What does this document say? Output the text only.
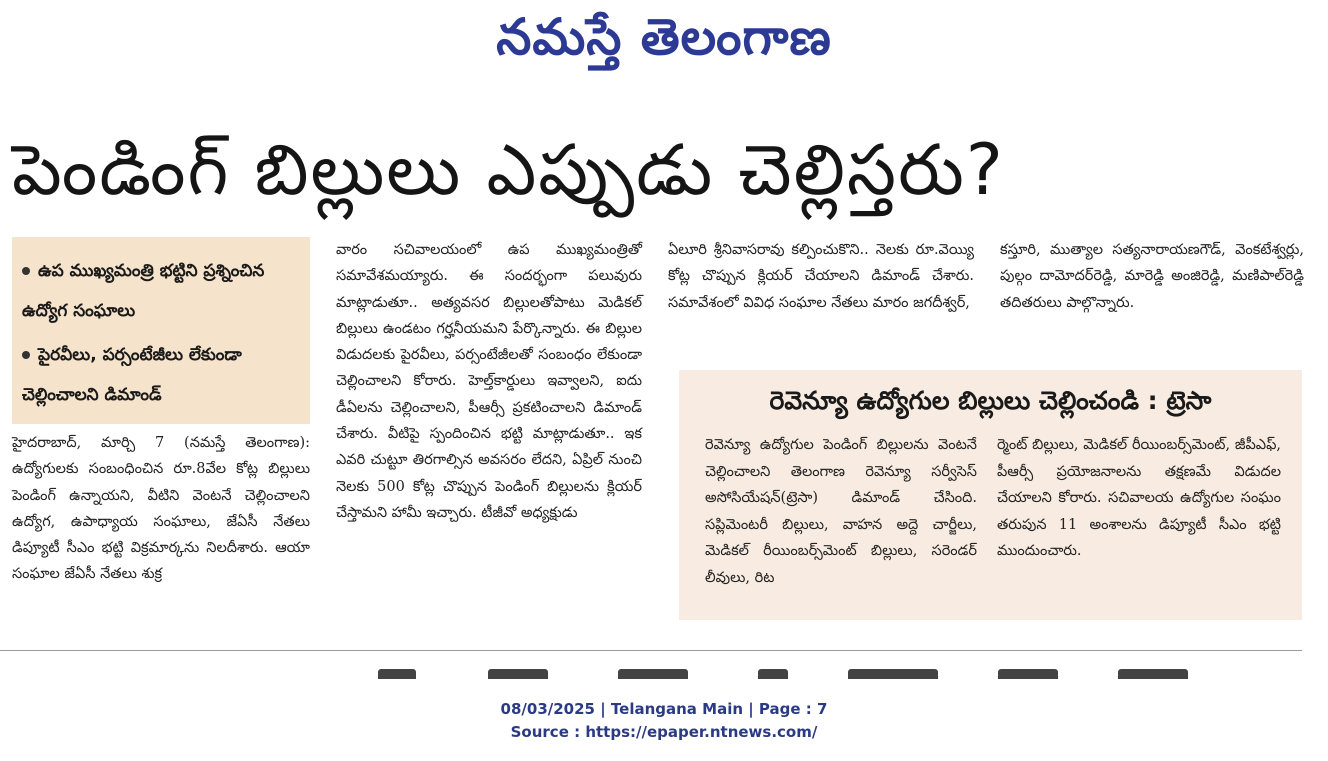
నమస్తే తెలంగాణ
పెండింగ్‌ బిల్లులు ఎప్పుడు చెల్లిస్తరు?
ఉప ముఖ్యమంత్రి భట్టిని ప్రశ్నించిన ఉద్యోగ సంఘాలు
పైరవీలు, పర్సంటేజీలు లేకుండా చెల్లించాలని డిమాండ్‌

హైదరాబాద్‌, మార్చి 7 (నమస్తే తెలంగాణ): ఉద్యోగులకు సంబంధించిన రూ.8వేల కోట్ల బిల్లులు పెండింగ్‌ ఉన్నాయని, వీటిని వెంటనే చెల్లించాలని ఉద్యోగ, ఉపాధ్యాయ సంఘాలు, జేఏసీ నేతలు డిప్యూటీ సీఎం భట్టి విక్రమార్కను నిలదీశారు. ఆయా సంఘాల జేఏసీ నేతలు శుక్ర

వారం సచివాలయంలో ఉప ముఖ్యమంత్రితో సమావేశమయ్యారు. ఈ సందర్భంగా పలువురు మాట్లాడుతూ.. అత్యవసర బిల్లులతోపాటు మెడికల్‌ బిల్లులు ఉండటం గర్హనీయమని పేర్కొన్నారు. ఈ బిల్లుల విడుదలకు పైరవీలు, పర్సంటేజీలతో సంబంధం లేకుండా చెల్లించాలని కోరారు. హెల్త్‌కార్డులు ఇవ్వాలని, ఐదు డీఏలను చెల్లించాలని, పీఆర్సీ ప్రకటించాలని డిమాండ్‌ చేశారు. వీటిపై స్పందించిన భట్టి మాట్లాడుతూ.. ఇక ఎవరి చుట్టూ తిరగాల్సిన అవసరం లేదని, ఏప్రిల్‌ నుంచి నెలకు 500 కోట్ల చొప్పున పెండింగ్‌ బిల్లులను క్లియర్‌ చేస్తామని హామీ ఇచ్చారు. టీజీవో అధ్యక్షుడు

ఏలూరి శ్రీనివాసరావు కల్పించుకొని.. నెలకు రూ.వెయ్యి కోట్ల చొప్పున క్లియర్‌ చేయాలని డిమాండ్‌ చేశారు. సమావేశంలో వివిధ సంఘాల నేతలు మారం జగదీశ్వర్‌,

కస్తూరి, ముత్యాల సత్యనారాయణగౌడ్‌, వెంకటేశ్వర్లు, పుల్గం దామోదర్‌రెడ్డి, మారెడ్డి అంజిరెడ్డి, మణిపాల్‌రెడ్డి తదితరులు పాల్గొన్నారు.

రెవెన్యూ ఉద్యోగుల బిల్లులు చెల్లించండి : ట్రెసా

రెవెన్యూ ఉద్యోగుల పెండింగ్‌ బిల్లులను వెంటనే చెల్లించాలని తెలంగాణ రెవెన్యూ సర్వీసెస్‌ అసోసియేషన్‌(ట్రెసా) డిమాండ్‌ చేసింది. సప్లిమెంటరీ బిల్లులు, వాహన అద్దె చార్జీలు, మెడికల్‌ రీయింబర్స్‌మెంట్‌ బిల్లులు, సరెండర్‌ లీవులు, రిట

ర్మెంట్‌ బిల్లులు, మెడికల్‌ రీయింబర్స్‌మెంట్‌, జీపీఎఫ్‌, పీఆర్సీ ప్రయోజనాలను తక్షణమే విడుదల చేయాలని కోరారు. సచివాలయ ఉద్యోగుల సంఘం తరుపున 11 అంశాలను డిప్యూటీ సీఎం భట్టి ముందుంచారు.

08/03/2025 | Telangana Main | Page : 7
Source : https://epaper.ntnews.com/
